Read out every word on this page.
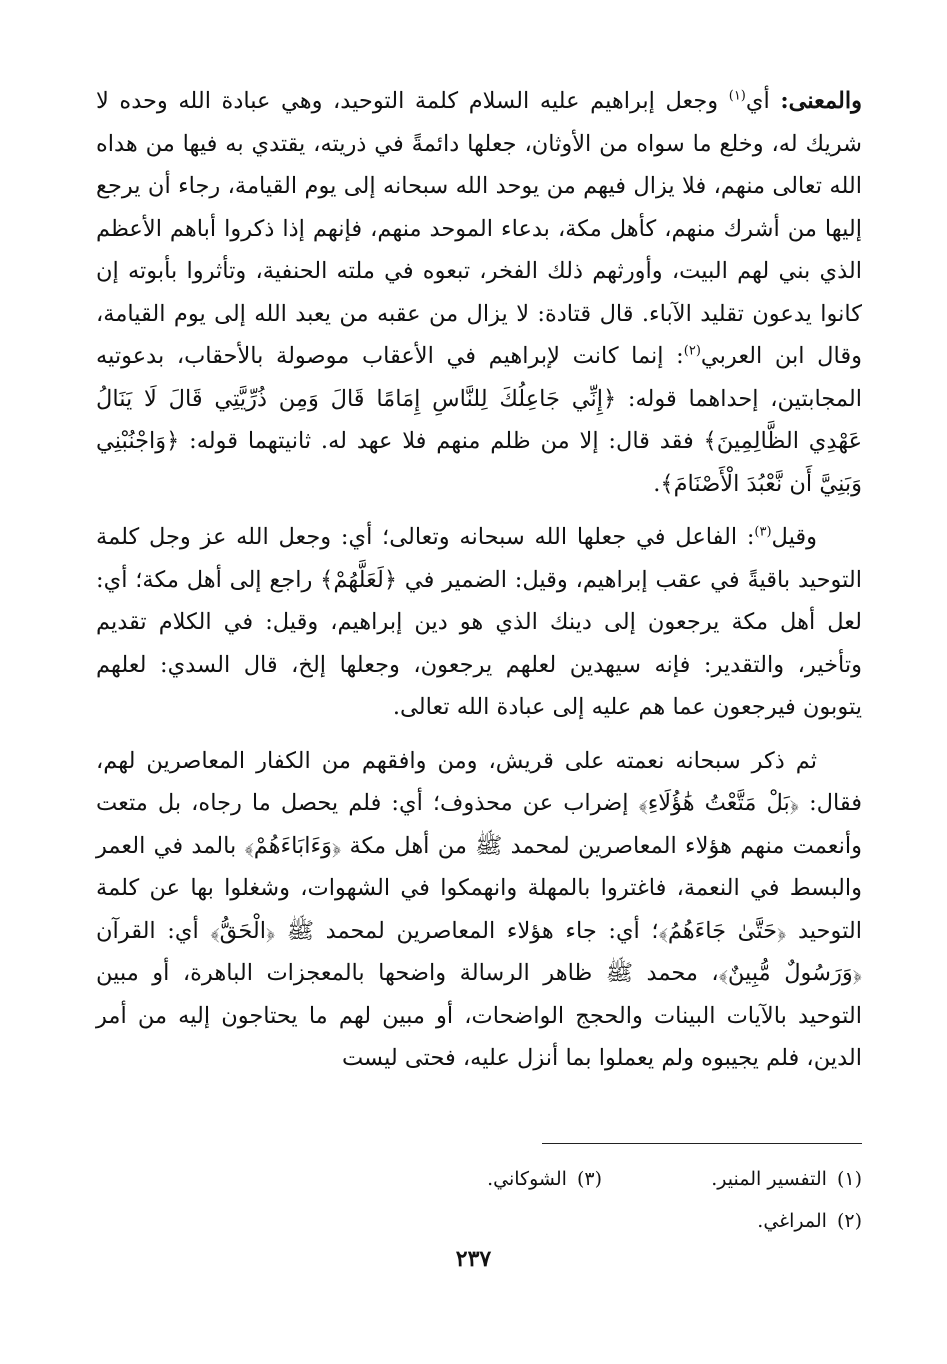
والمعنى: أي$^{(١)}$ وجعل إبراهيم عليه السلام كلمة التوحيد، وهي عبادة الله وحده لا شريك له، وخلع ما سواه من الأوثان، جعلها دائمةً في ذريته، يقتدي به فيها من هداه الله تعالى منهم، فلا يزال فيهم من يوحد الله سبحانه إلى يوم القيامة، رجاء أن يرجع إليها من أشرك منهم، كأهل مكة، بدعاء الموحد منهم، فإنهم إذا ذكروا أباهم الأعظم الذي بني لهم البيت، وأورثهم ذلك الفخر، تبعوه في ملته الحنفية، وتأثروا بأبوته إن كانوا يدعون تقليد الآباء. قال قتادة: لا يزال من عقبه من يعبد الله إلى يوم القيامة، وقال ابن العربي$^{(٢)}$: إنما كانت لإبراهيم في الأعقاب موصولة بالأحقاب، بدعوتيه المجابتين، إحداهما قوله: ﴿إِنِّي جَاعِلُكَ لِلنَّاسِ إِمَامًا قَالَ وَمِن ذُرِّيَّتِي قَالَ لَا يَنَالُ عَهْدِي الظَّالِمِينَ﴾ فقد قال: إلا من ظلم منهم فلا عهد له. ثانيتهما قوله: ﴿وَاجْنُبْنِي وَبَنِيَّ أَن نَّعْبُدَ الْأَصْنَامَ﴾.

وقيل$^{(٣)}$: الفاعل في جعلها الله سبحانه وتعالى؛ أي: وجعل الله عز وجل كلمة التوحيد باقيةً في عقب إبراهيم، وقيل: الضمير في ﴿لَعَلَّهُمْ﴾ راجع إلى أهل مكة؛ أي: لعل أهل مكة يرجعون إلى دينك الذي هو دين إبراهيم، وقيل: في الكلام تقديم وتأخير، والتقدير: فإنه سيهدين لعلهم يرجعون، وجعلها إلخ، قال السدي: لعلهم يتوبون فيرجعون عما هم عليه إلى عبادة الله تعالى.

ثم ذكر سبحانه نعمته على قريش، ومن وافقهم من الكفار المعاصرين لهم، فقال: ﴿بَلْ مَتَّعْتُ هَٰؤُلَاءِ﴾ إضراب عن محذوف؛ أي: فلم يحصل ما رجاه، بل متعت وأنعمت منهم هؤلاء المعاصرين لمحمد ﷺ من أهل مكة ﴿وَءَابَاءَهُمْ﴾ بالمد في العمر والبسط في النعمة، فاغتروا بالمهلة وانهمكوا في الشهوات، وشغلوا بها عن كلمة التوحيد ﴿حَتَّىٰ جَاءَهُمُ﴾؛ أي: جاء هؤلاء المعاصرين لمحمد ﷺ ﴿الْحَقُّ﴾ أي: القرآن ﴿وَرَسُولٌ مُّبِينٌ﴾، محمد ﷺ ظاهر الرسالة واضحها بالمعجزات الباهرة، أو مبين التوحيد بالآيات البينات والحجج الواضحات، أو مبين لهم ما يحتاجون إليه من أمر الدين، فلم يجيبوه ولم يعملوا بما أنزل عليه، فحتى ليست

(١)التفسير المنير.
(٣)الشوكاني.
(٢)المراغي.
٢٣٧
